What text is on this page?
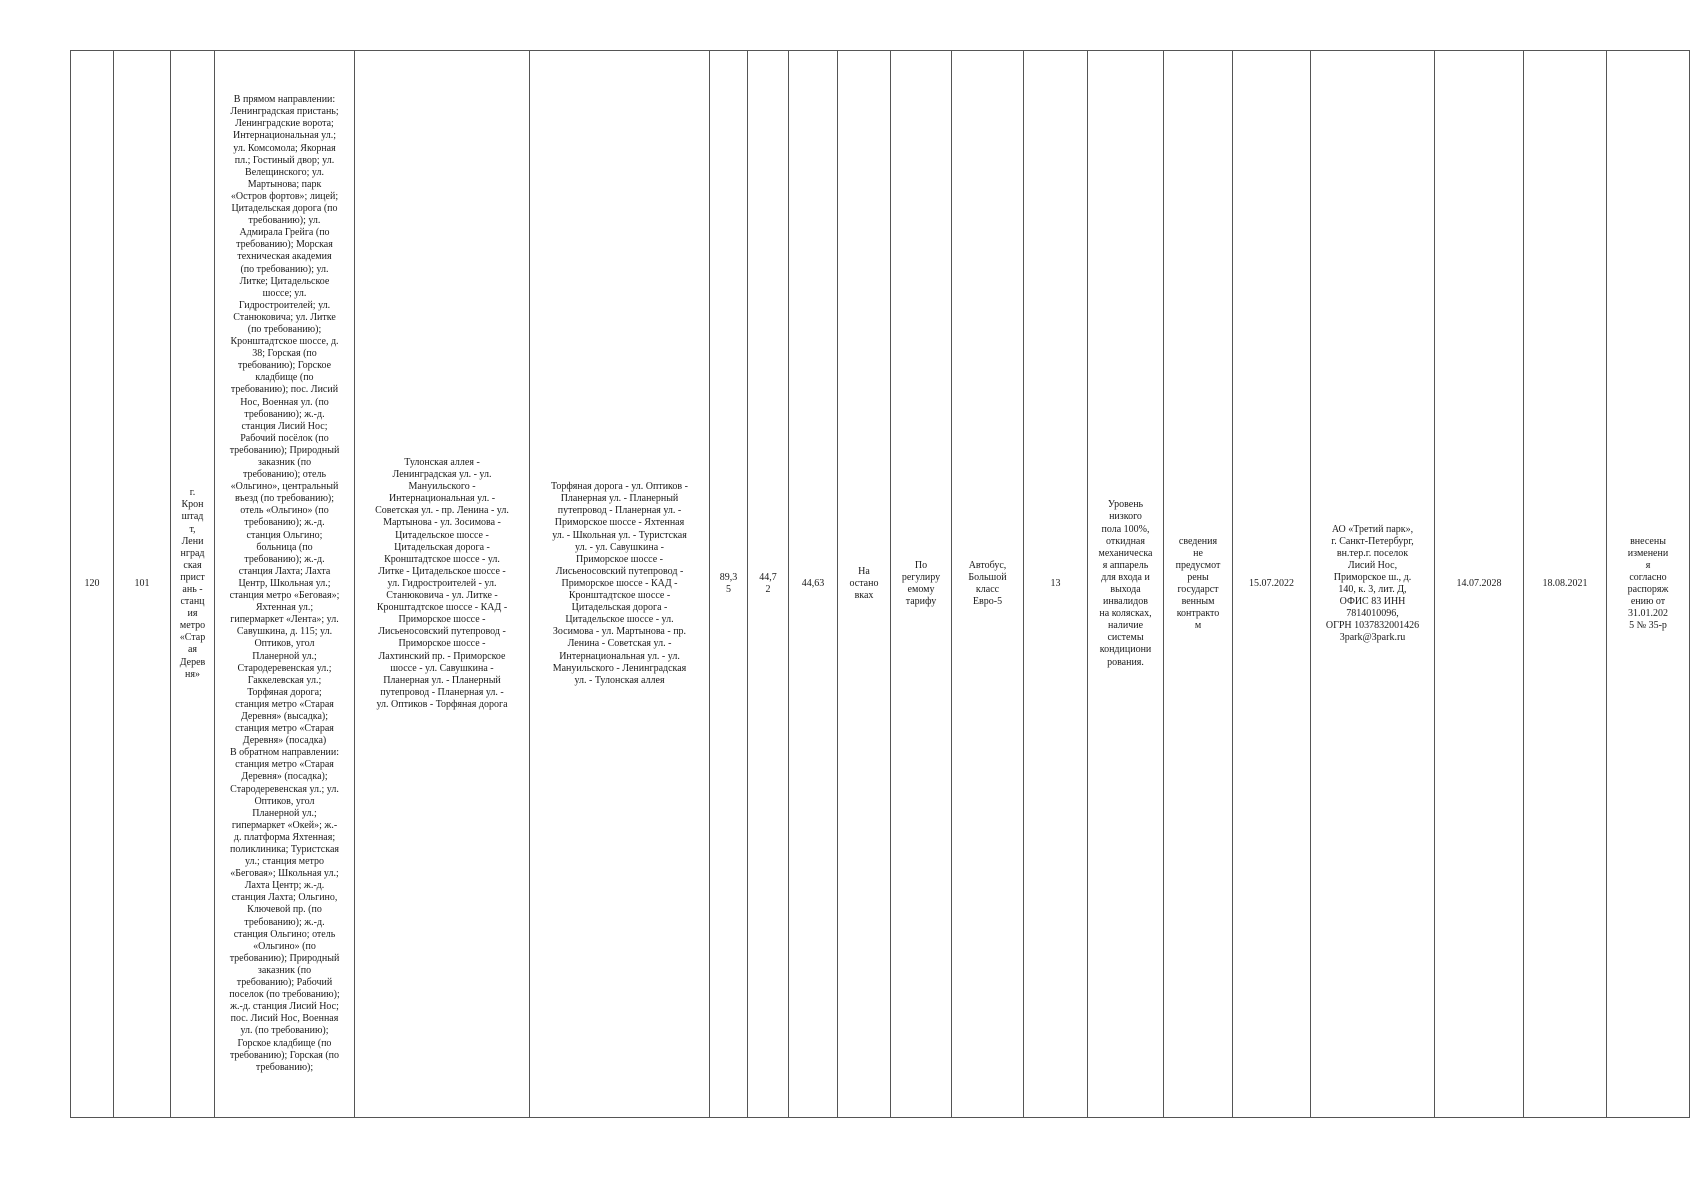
120	101

г.
Крон
штад
т,
Лени
нград
ская
прист
ань -
станц
ия
метро
«Стар
ая
Дерев
ня»

В прямом направлении:
Ленинградская пристань;
Ленинградские ворота;
Интернациональная ул.;
ул. Комсомола; Якорная
пл.; Гостиный двор; ул.
Велещинского; ул.
Мартынова; парк
«Остров фортов»; лицей;
Цитадельская дорога (по
требованию); ул.
Адмирала Грейга (по
требованию); Морская
техническая академия
(по требованию); ул.
Литке; Цитадельское
шоссе; ул.
Гидростроителей; ул.
Станюковича; ул. Литке
(по требованию);
Кронштадтское шоссе, д.
38; Горская (по
требованию); Горское
кладбище (по
требованию); пос. Лисий
Нос, Военная ул. (по
требованию); ж.-д.
станция Лисий Нос;
Рабочий посёлок (по
требованию); Природный
заказник (по
требованию); отель
«Ольгино», центральный
въезд (по требованию);
отель «Ольгино» (по
требованию); ж.-д.
станция Ольгино;
больница (по
требованию); ж.-д.
станция Лахта; Лахта
Центр, Школьная ул.;
станция метро «Беговая»;
Яхтенная ул.;
гипермаркет «Лента»; ул.
Савушкина, д. 115; ул.
Оптиков, угол
Планерной ул.;
Стародеревенская ул.;
Гаккелевская ул.;
Торфяная дорога;
станция метро «Старая
Деревня» (высадка);
станция метро «Старая
Деревня» (посадка)
В обратном направлении:
станция метро «Старая
Деревня» (посадка);
Стародеревенская ул.; ул.
Оптиков, угол
Планерной ул.;
гипермаркет «Окей»; ж.-
д. платформа Яхтенная;
поликлиника; Туристская
ул.; станция метро
«Беговая»; Школьная ул.;
Лахта Центр; ж.-д.
станция Лахта; Ольгино,
Ключевой пр. (по
требованию); ж.-д.
станция Ольгино; отель
«Ольгино» (по
требованию); Природный
заказник (по
требованию); Рабочий
поселок (по требованию);
ж.-д. станция Лисий Нос;
пос. Лисий Нос, Военная
ул. (по требованию);
Горское кладбище (по
требованию); Горская (по
требованию);

Тулонская аллея -
Ленинградская ул. - ул.
Мануильского -
Интернациональная ул. -
Советская ул. - пр. Ленина - ул.
Мартынова - ул. Зосимова -
Цитадельское шоссе -
Цитадельская дорога -
Кронштадтское шоссе - ул.
Литке - Цитадельское шоссе -
ул. Гидростроителей - ул.
Станюковича - ул. Литке -
Кронштадтское шоссе - КАД -
Приморское шоссе -
Лисьеносовский путепровод -
Приморское шоссе -
Лахтинский пр. - Приморское
шоссе - ул. Савушкина -
Планерная ул. - Планерный
путепровод - Планерная ул. -
ул. Оптиков - Торфяная дорога

Торфяная дорога - ул. Оптиков -
Планерная ул. - Планерный
путепровод - Планерная ул. -
Приморское шоссе - Яхтенная
ул. - Школьная ул. - Туристская
ул. - ул. Савушкина -
Приморское шоссе -
Лисьеносовский путепровод -
Приморское шоссе - КАД -
Кронштадтское шоссе -
Цитадельская дорога -
Цитадельское шоссе - ул.
Зосимова - ул. Мартынова - пр.
Ленина - Советская ул. -
Интернациональная ул. - ул.
Мануильского - Ленинградская
ул. - Тулонская аллея

89,3
5

44,7
2

44,63

На
остано
вках

По
регулиру
емому
тарифу

Автобус,
Большой
класс
Евро-5

13

Уровень
низкого
пола 100%,
откидная
механическа
я аппарель
для входа и
выхода
инвалидов
на колясках,
наличие
системы
кондициони
рования.

сведения
не
предусмот
рены
государст
венным
контракто
м

15.07.2022

АО «Третий парк»,
г. Санкт-Петербург,
вн.тер.г. поселок
Лисий Нос,
Приморское ш., д.
140, к. 3, лит. Д,
ОФИС 83 ИНН
7814010096,
ОГРН 1037832001426
3park@3park.ru

14.07.2028	18.08.2021

внесены
изменени
я
согласно
распоряж
ению от
31.01.202
5 № 35-р
